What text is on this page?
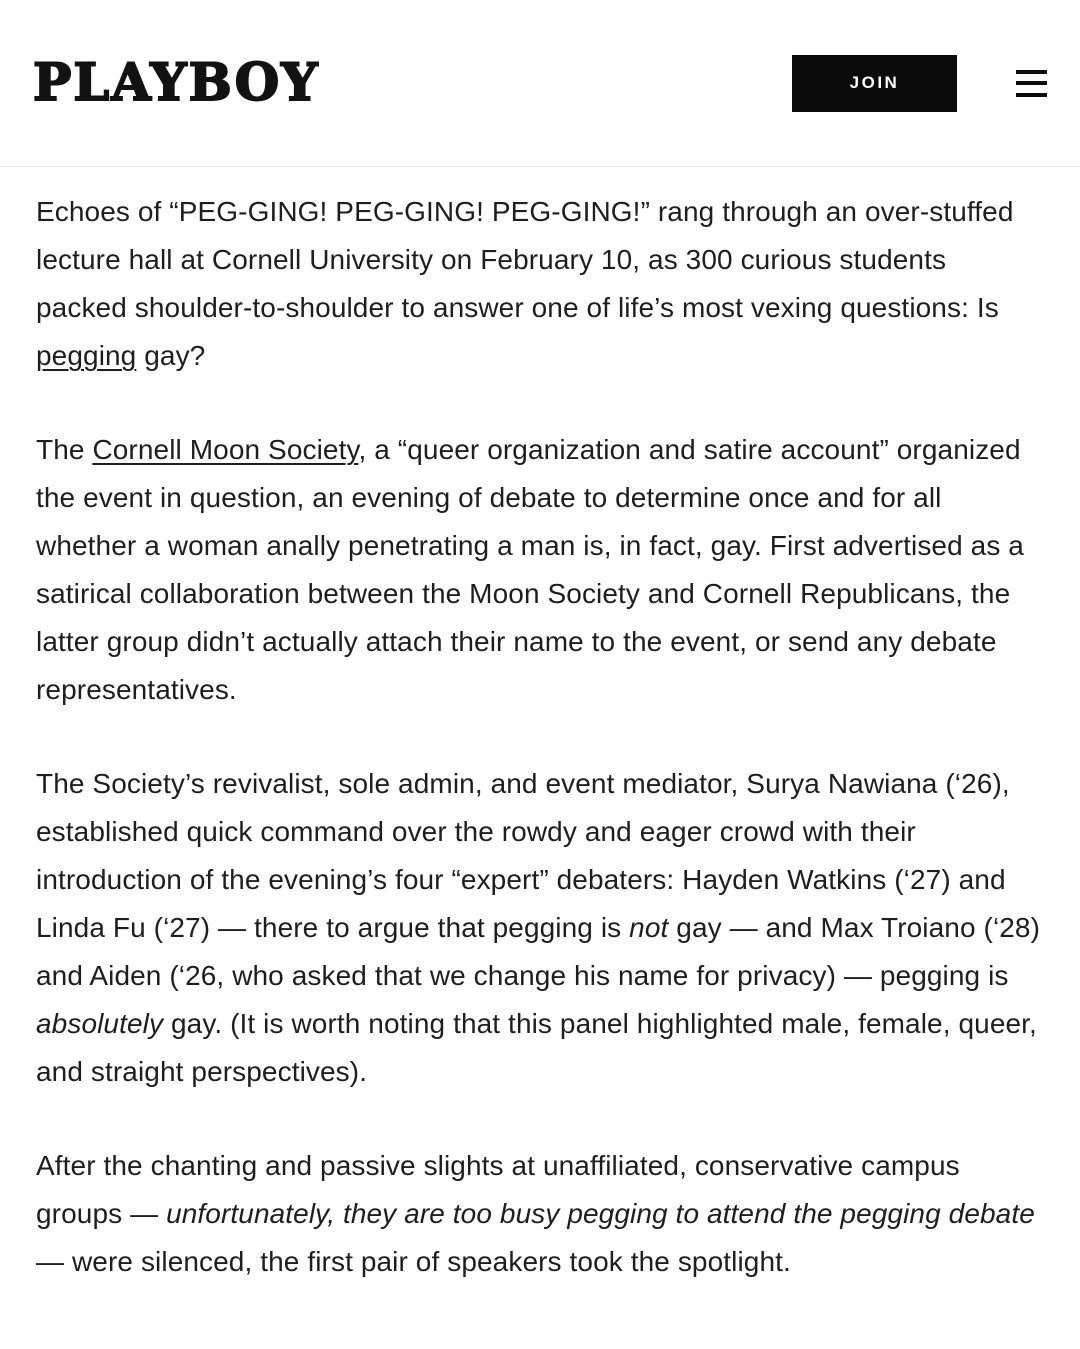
PLAYBOY	JOIN

Echoes of “PEG-GING! PEG-GING! PEG-GING!” rang through an over-stuffed lecture hall at Cornell University on February 10, as 300 curious students packed shoulder-to-shoulder to answer one of life’s most vexing questions: Is pegging gay?

The Cornell Moon Society, a “queer organization and satire account” organized the event in question, an evening of debate to determine once and for all whether a woman anally penetrating a man is, in fact, gay. First advertised as a satirical collaboration between the Moon Society and Cornell Republicans, the latter group didn’t actually attach their name to the event, or send any debate representatives.

The Society’s revivalist, sole admin, and event mediator, Surya Nawiana (‘26), established quick command over the rowdy and eager crowd with their introduction of the evening’s four “expert” debaters: Hayden Watkins (‘27) and Linda Fu (‘27) — there to argue that pegging is not gay — and Max Troiano (‘28) and Aiden (‘26, who asked that we change his name for privacy) — pegging is absolutely gay. (It is worth noting that this panel highlighted male, female, queer, and straight perspectives).

After the chanting and passive slights at unaffiliated, conservative campus groups — unfortunately, they are too busy pegging to attend the pegging debate — were silenced, the first pair of speakers took the spotlight.
